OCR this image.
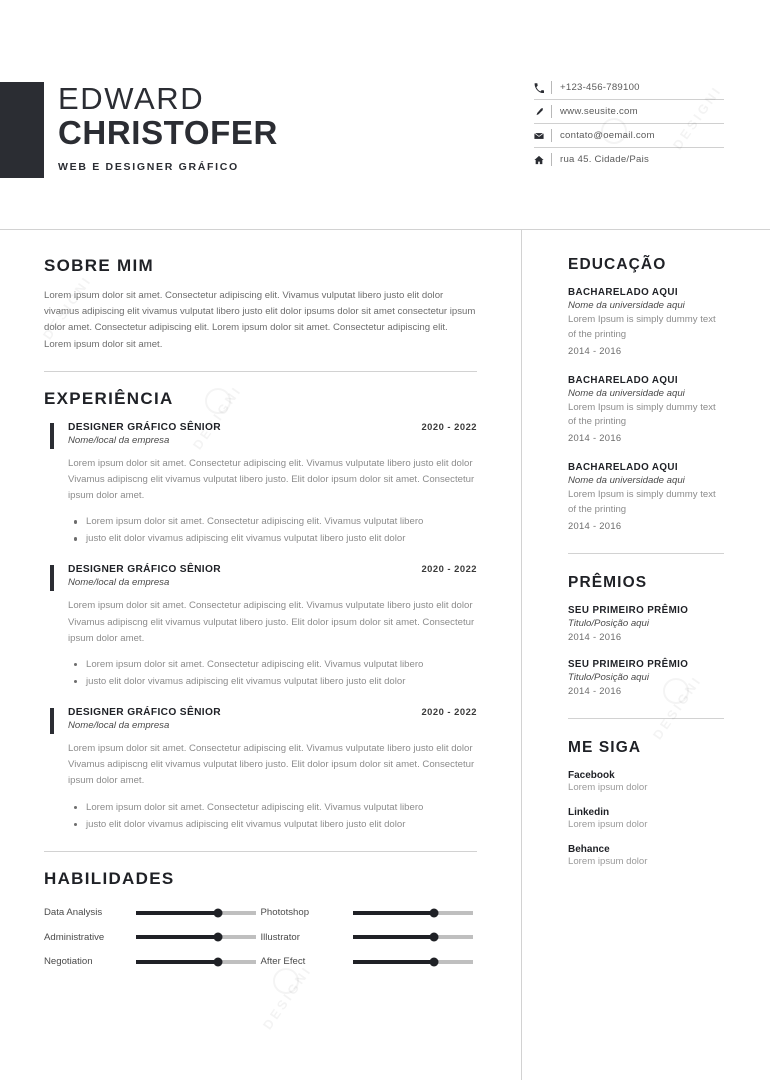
EDWARD
CHRISTOFER
WEB E DESIGNER GRÁFICO
+123-456-789100
www.seusite.com
contato@oemail.com
rua 45. Cidade/Pais
SOBRE MIM

Lorem ipsum dolor sit amet. Consectetur adipiscing elit. Vivamus vulputat libero justo elit dolor vivamus adipiscing elit vivamus vulputat libero justo elit dolor ipsums dolor sit amet consectetur ipsum dolor amet. Consectetur adipiscing elit. Lorem ipsum dolor sit amet. Consectetur adipiscing elit. Lorem ipsum dolor sit amet.

EXPERIÊNCIA
DESIGNER GRÁFICO SÊNIOR	2020 - 2022
Nome/local da empresa

Lorem ipsum dolor sit amet. Consectetur adipiscing elit. Vivamus vulputate libero justo elit dolor Vivamus adipiscng elit vivamus vulputat libero justo. Elit dolor ipsum dolor sit amet. Consectetur ipsum dolor amet.

Lorem ipsum dolor sit amet. Consectetur adipiscing elit. Vivamus vulputat libero
justo elit dolor vivamus adipiscing elit vivamus vulputat libero justo elit dolor
DESIGNER GRÁFICO SÊNIOR	2020 - 2022
Nome/local da empresa

Lorem ipsum dolor sit amet. Consectetur adipiscing elit. Vivamus vulputate libero justo elit dolor Vivamus adipiscng elit vivamus vulputat libero justo. Elit dolor ipsum dolor sit amet. Consectetur ipsum dolor amet.

Lorem ipsum dolor sit amet. Consectetur adipiscing elit. Vivamus vulputat libero
justo elit dolor vivamus adipiscing elit vivamus vulputat libero justo elit dolor
DESIGNER GRÁFICO SÊNIOR	2020 - 2022
Nome/local da empresa

Lorem ipsum dolor sit amet. Consectetur adipiscing elit. Vivamus vulputate libero justo elit dolor Vivamus adipiscng elit vivamus vulputat libero justo. Elit dolor ipsum dolor sit amet. Consectetur ipsum dolor amet.

Lorem ipsum dolor sit amet. Consectetur adipiscing elit. Vivamus vulputat libero
justo elit dolor vivamus adipiscing elit vivamus vulputat libero justo elit dolor
HABILIDADES
Data Analysis
Administrative
Negotiation
Phototshop
Illustrator
After Efect
EDUCAÇÃO
BACHARELADO AQUI
Nome da universidade aqui
Lorem Ipsum is simply dummy text of the printing
2014 - 2016
BACHARELADO AQUI
Nome da universidade aqui
Lorem Ipsum is simply dummy text of the printing
2014 - 2016
BACHARELADO AQUI
Nome da universidade aqui
Lorem Ipsum is simply dummy text of the printing
2014 - 2016
PRÊMIOS
SEU PRIMEIRO PRÊMIO
Titulo/Posição aqui
2014 - 2016
SEU PRIMEIRO PRÊMIO
Titulo/Posição aqui
2014 - 2016
ME SIGA
Facebook
Lorem ipsum dolor
Linkedin
Lorem ipsum dolor
Behance
Lorem ipsum dolor
